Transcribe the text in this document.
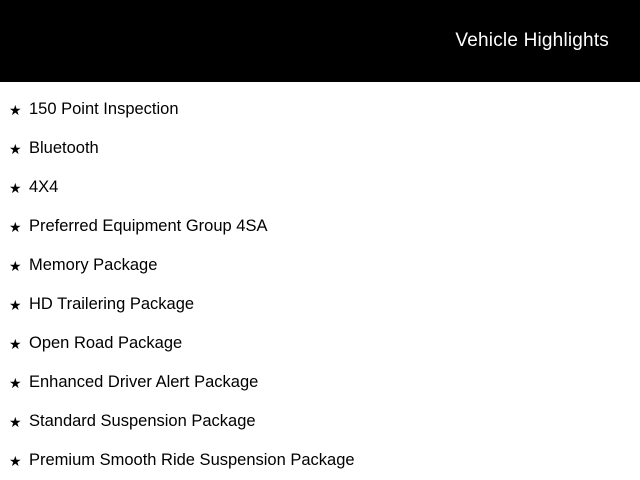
Vehicle Highlights
★ 150 Point Inspection
★ Bluetooth
★ 4X4
★ Preferred Equipment Group 4SA
★ Memory Package
★ HD Trailering Package
★ Open Road Package
★ Enhanced Driver Alert Package
★ Standard Suspension Package
★ Premium Smooth Ride Suspension Package
